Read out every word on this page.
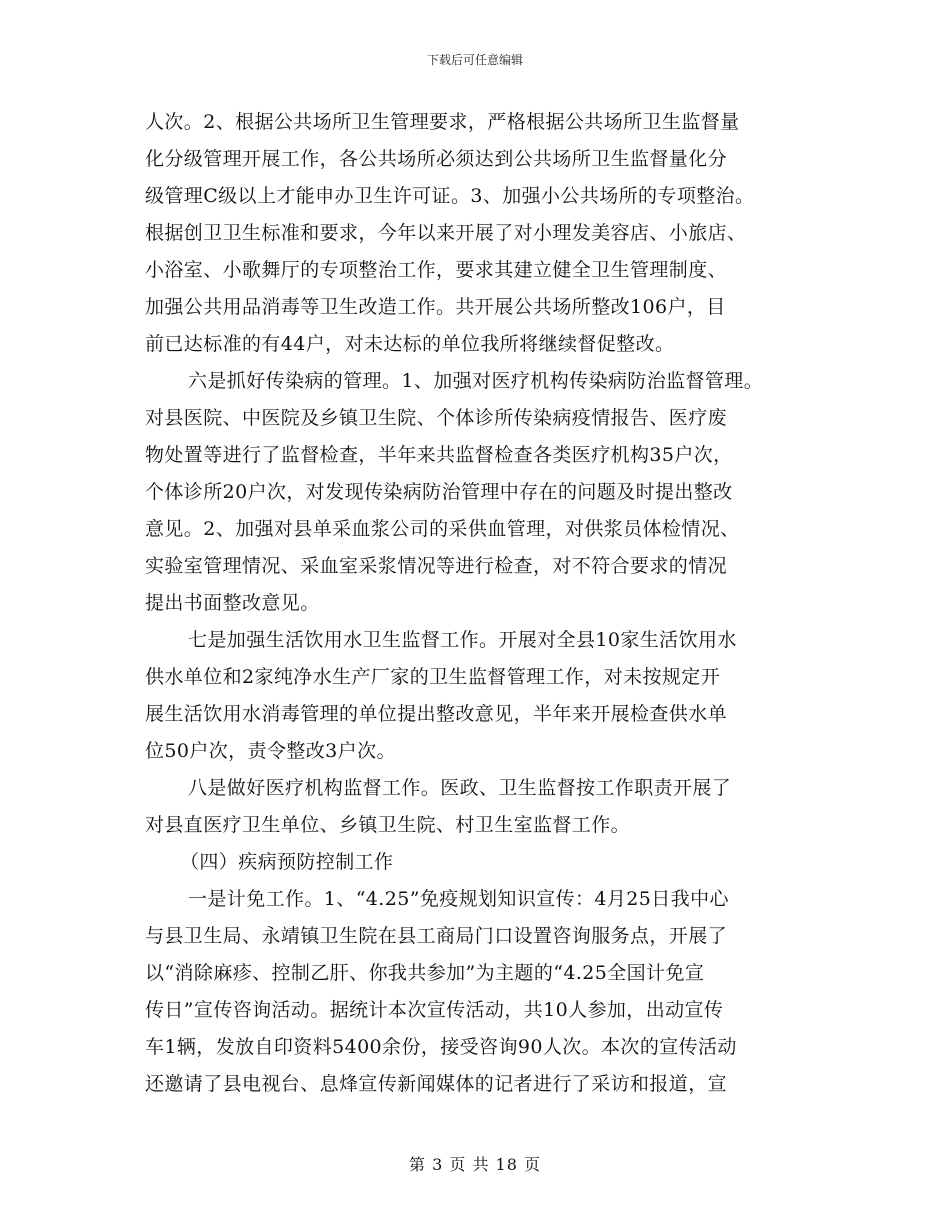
下载后可任意编辑
人次。2、根据公共场所卫生管理要求，严格根据公共场所卫生监督量
化分级管理开展工作，各公共场所必须达到公共场所卫生监督量化分
级管理C级以上才能申办卫生许可证。3、加强小公共场所的专项整治。
根据创卫卫生标准和要求，今年以来开展了对小理发美容店、小旅店、
小浴室、小歌舞厅的专项整治工作，要求其建立健全卫生管理制度、
加强公共用品消毒等卫生改造工作。共开展公共场所整改106户，目
前已达标准的有44户，对未达标的单位我所将继续督促整改。
六是抓好传染病的管理。1、加强对医疗机构传染病防治监督管理。
对县医院、中医院及乡镇卫生院、个体诊所传染病疫情报告、医疗废
物处置等进行了监督检查，半年来共监督检查各类医疗机构35户次，
个体诊所20户次，对发现传染病防治管理中存在的问题及时提出整改
意见。2、加强对县单采血浆公司的采供血管理，对供浆员体检情况、
实验室管理情况、采血室采浆情况等进行检查，对不符合要求的情况
提出书面整改意见。
七是加强生活饮用水卫生监督工作。开展对全县10家生活饮用水
供水单位和2家纯净水生产厂家的卫生监督管理工作，对未按规定开
展生活饮用水消毒管理的单位提出整改意见，半年来开展检查供水单
位50户次，责令整改3户次。
八是做好医疗机构监督工作。医政、卫生监督按工作职责开展了
对县直医疗卫生单位、乡镇卫生院、村卫生室监督工作。
（四）疾病预防控制工作
一是计免工作。1、“4.25”免疫规划知识宣传：4月25日我中心
与县卫生局、永靖镇卫生院在县工商局门口设置咨询服务点，开展了
以“消除麻疹、控制乙肝、你我共参加”为主题的“4.25全国计免宣
传日”宣传咨询活动。据统计本次宣传活动，共10人参加，出动宣传
车1辆，发放自印资料5400余份，接受咨询90人次。本次的宣传活动
还邀请了县电视台、息烽宣传新闻媒体的记者进行了采访和报道，宣
第 3 页 共 18 页
